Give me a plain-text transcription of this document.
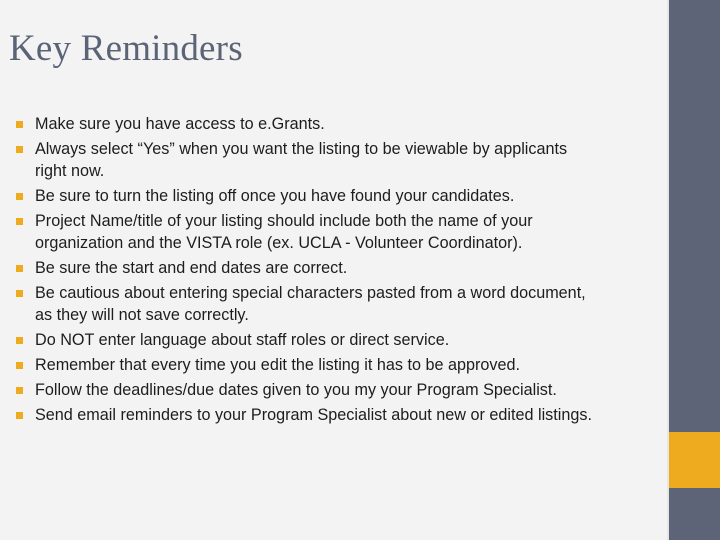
Key Reminders
Make sure you have access to e.Grants.
Always select “Yes” when you want the listing to be viewable by applicants
right now.
Be sure to turn the listing off once you have found your candidates.
Project Name/title of your listing should include both the name of your
organization and the VISTA role (ex. UCLA - Volunteer Coordinator).
Be sure the start and end dates are correct.
Be cautious about entering special characters pasted from a word document,
as they will not save correctly.
Do NOT enter language about staff roles or direct service.
Remember that every time you edit the listing it has to be approved.
Follow the deadlines/due dates given to you my your Program Specialist.
Send email reminders to your Program Specialist about new or edited listings.
